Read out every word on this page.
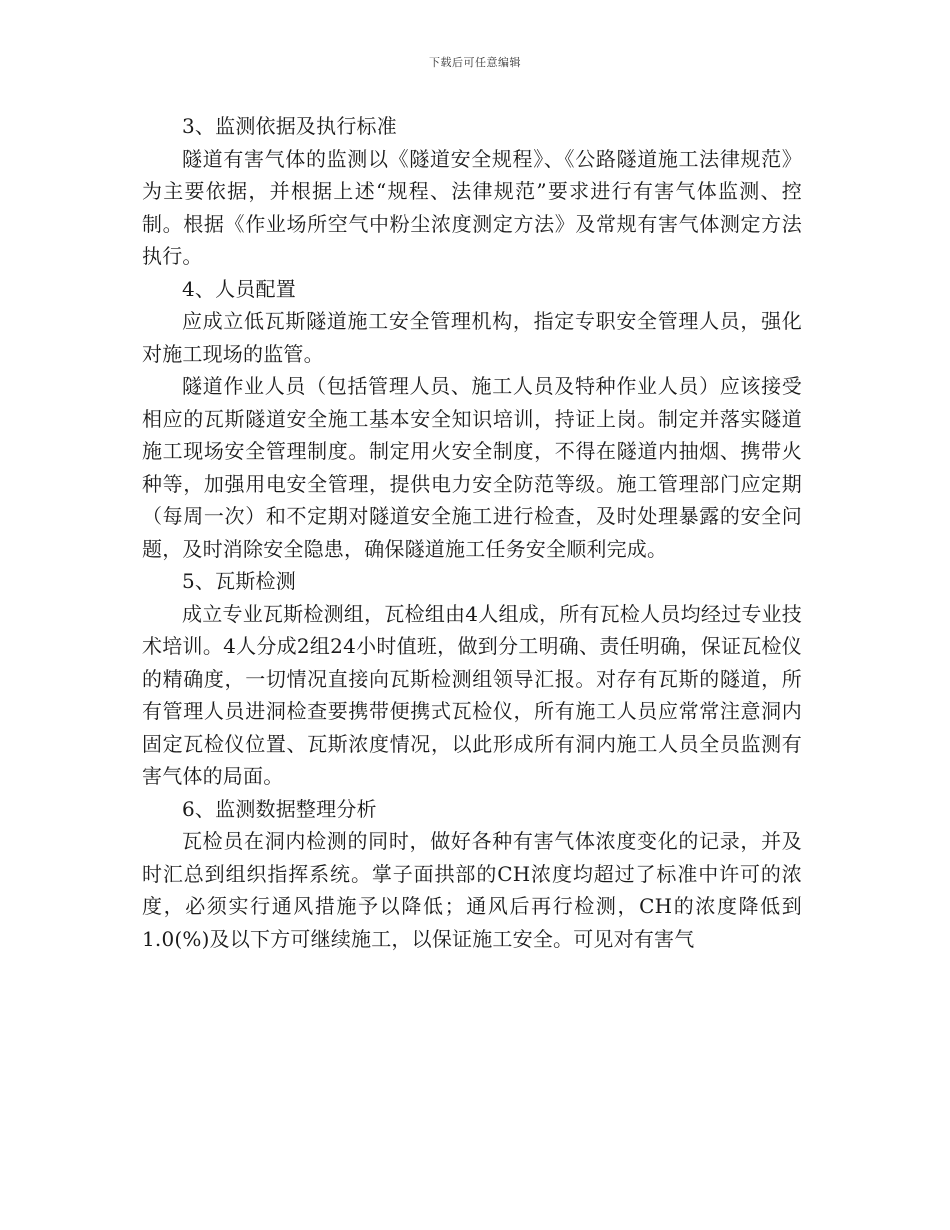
下载后可任意编辑

3、监测依据及执行标准

隧道有害气体的监测以《隧道安全规程》、《公路隧道施工法律规范》为主要依据，并根据上述“规程、法律规范”要求进行有害气体监测、控制。根据《作业场所空气中粉尘浓度测定方法》及常规有害气体测定方法执行。

4、人员配置

应成立低瓦斯隧道施工安全管理机构，指定专职安全管理人员，强化对施工现场的监管。

隧道作业人员（包括管理人员、施工人员及特种作业人员）应该接受相应的瓦斯隧道安全施工基本安全知识培训，持证上岗。制定并落实隧道施工现场安全管理制度。制定用火安全制度，不得在隧道内抽烟、携带火种等，加强用电安全管理，提供电力安全防范等级。施工管理部门应定期（每周一次）和不定期对隧道安全施工进行检查，及时处理暴露的安全问题，及时消除安全隐患，确保隧道施工任务安全顺利完成。

5、瓦斯检测

成立专业瓦斯检测组，瓦检组由4人组成，所有瓦检人员均经过专业技术培训。4人分成2组24小时值班，做到分工明确、责任明确，保证瓦检仪的精确度，一切情况直接向瓦斯检测组领导汇报。对存有瓦斯的隧道，所有管理人员进洞检查要携带便携式瓦检仪，所有施工人员应常常注意洞内固定瓦检仪位置、瓦斯浓度情况，以此形成所有洞内施工人员全员监测有害气体的局面。

6、监测数据整理分析

瓦检员在洞内检测的同时，做好各种有害气体浓度变化的记录，并及时汇总到组织指挥系统。掌子面拱部的CH浓度均超过了标准中许可的浓度，必须实行通风措施予以降低；通风后再行检测，CH的浓度降低到1.0(%)及以下方可继续施工，以保证施工安全。可见对有害气
